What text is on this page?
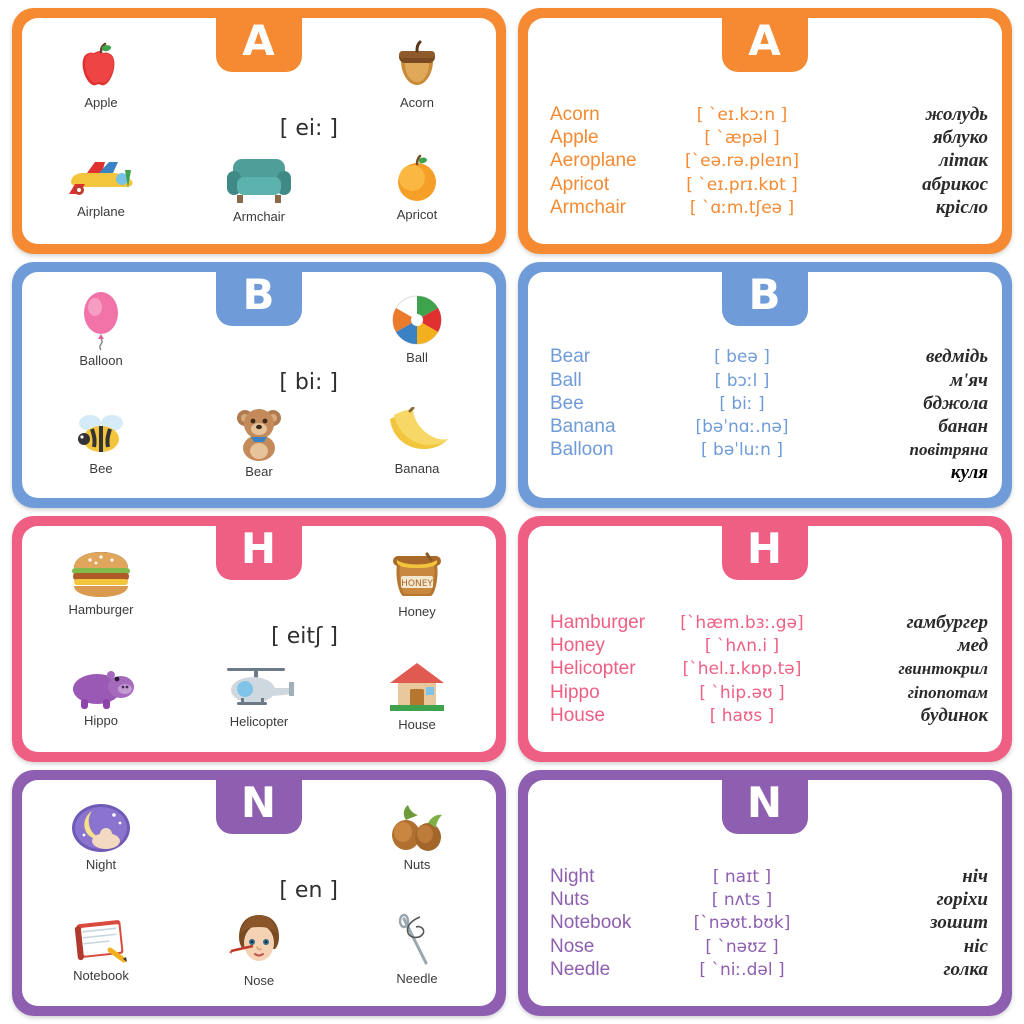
A
Apple
[ ei: ]
Acorn
Airplane	Armchair	Apricot
A
Acorn	[ `eɪ.kɔːn ]	жолудь
Apple	[ `æpəl ]	яблуко
Aeroplane	[`eə.rə.pleɪn]	літак
Apricot	[ `eɪ.prɪ.kɒt ]	абрикос
Armchair	[ `ɑːm.tʃeə ]	крісло
B
Balloon
[ bi: ]
Ball
Bee	Bear	Banana
B
Bear	[ beə ]	ведмідь
Ball	[ bɔːl ]	м'яч
Bee	[ biː ]	бджола
Banana	[bəˈnɑː.nə]	банан
Balloon	[ bəˈluːn ]	повітряна
куля
H
Hamburger
[ eitʃ ]
HONEY
Honey
Hippo	Helicopter	House
H
Hamburger	[`hæm.bɜː.gə]	гамбургер
Honey	[ `hʌn.i ]	мед
Helicopter	[`hel.ɪ.kɒp.tə]	гвинтокрил
Hippo	[ `hip.əʊ ]	гіпопотам
House	[ haʊs ]	будинок
N
Night
[ en ]
Nuts
Notebook	Nose	Needle
N
Night	[ naɪt ]	ніч
Nuts	[ nʌts ]	горіхи
Notebook	[`nəʊt.bʊk]	зошит
Nose	[ `nəʊz ]	ніс
Needle	[ `niː.dəl ]	голка
